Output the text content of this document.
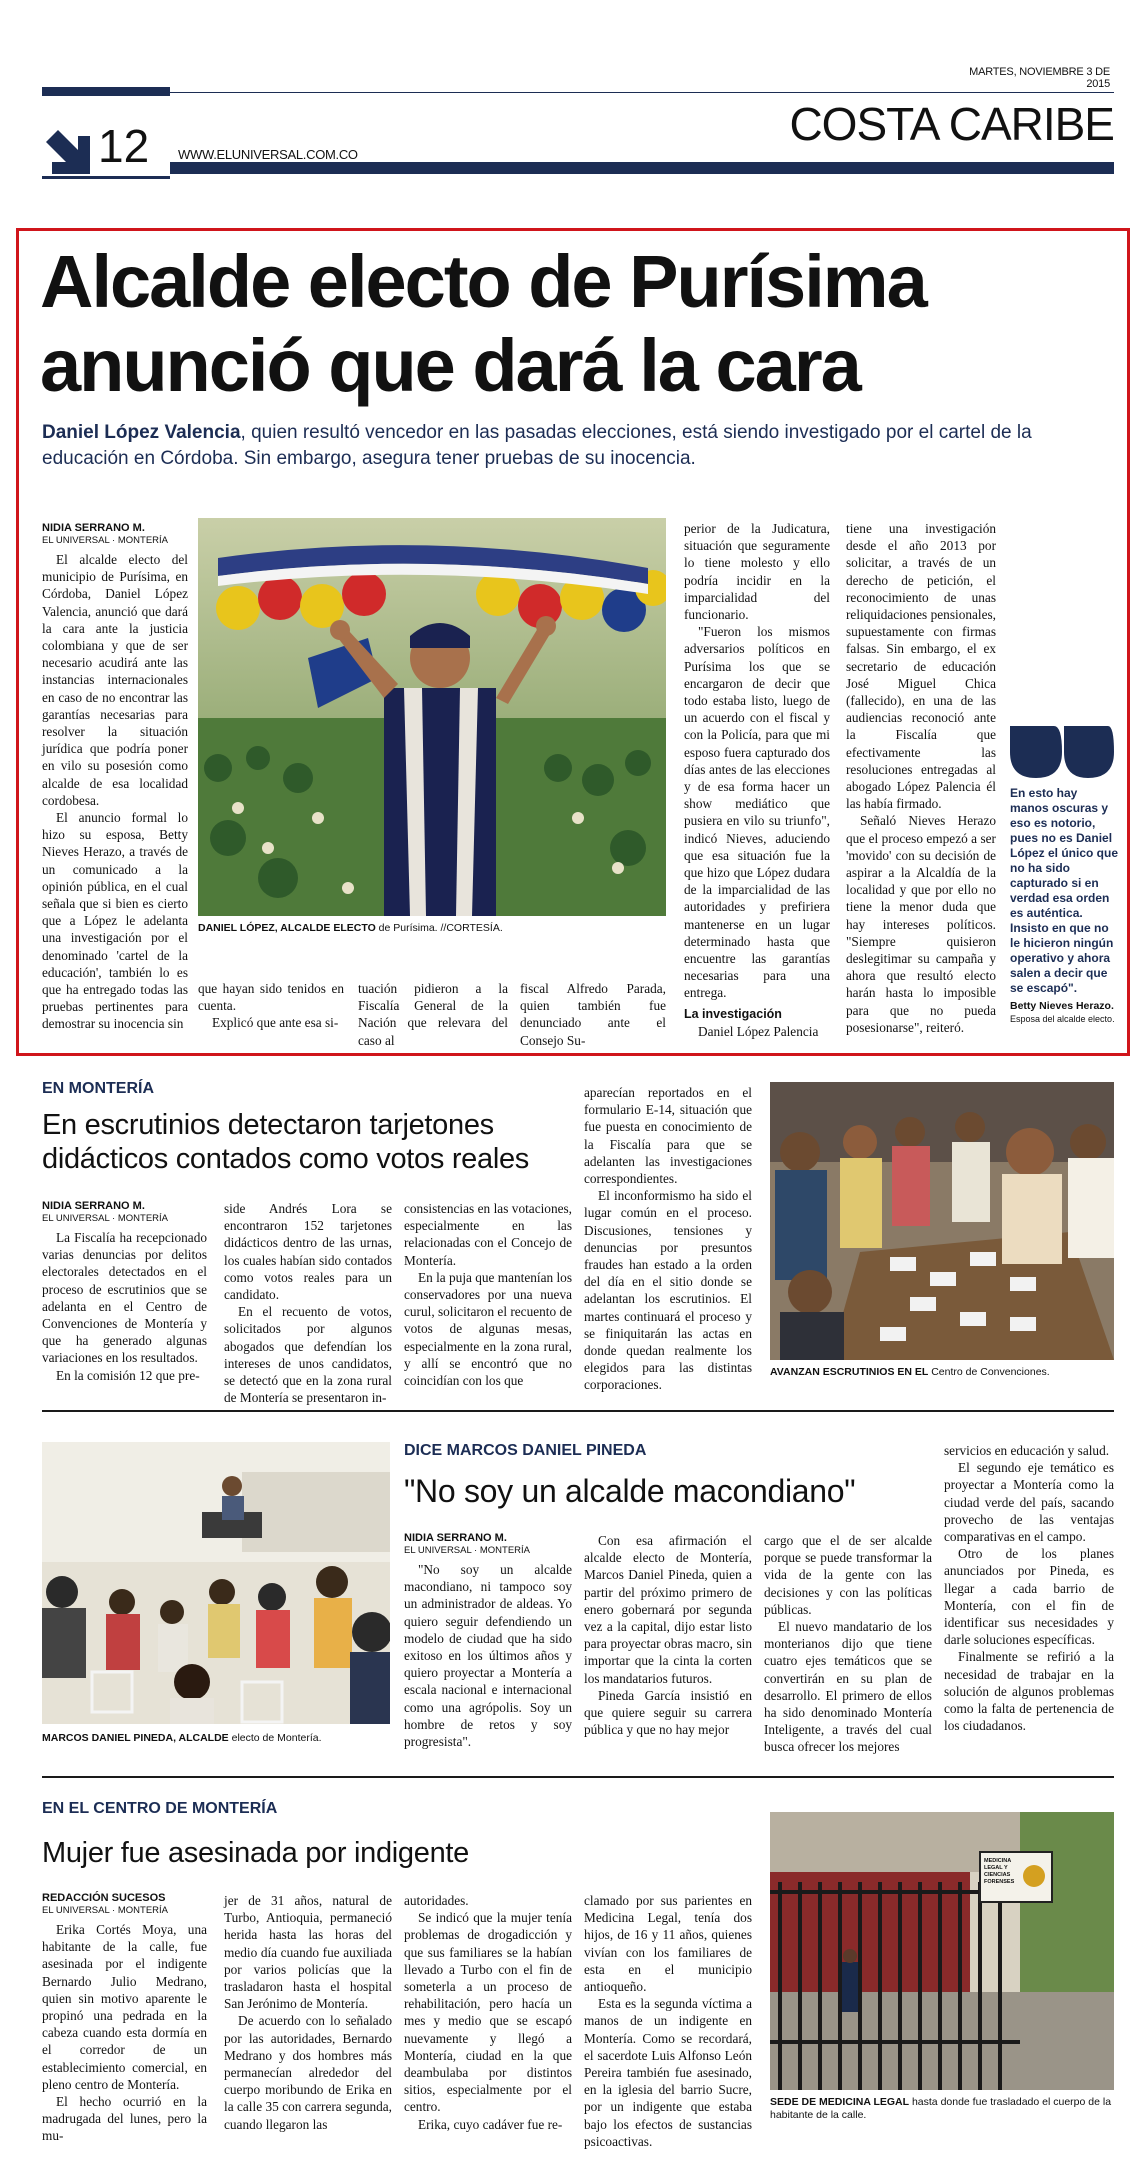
MARTES, NOVIEMBRE 3 DE 2015
12 WWW.ELUNIVERSAL.COM.CO
COSTA CARIBE
Alcalde electo de Purísima
anunció que dará la cara
Daniel López Valencia, quien resultó vencedor en las pasadas elecciones, está siendo investigado por el cartel de la educación en Córdoba. Sin embargo, asegura tener pruebas de su inocencia.
NIDIA SERRANO M.
EL UNIVERSAL · MONTERÍA

El alcalde electo del municipio de Purísima, en Córdoba, Daniel López Valencia, anunció que dará la cara ante la justicia colombiana y que de ser necesario acudirá ante las instancias internacionales en caso de no encontrar las garantías necesarias para resolver la situación jurídica que podría poner en vilo su posesión como alcalde de esa localidad cordobesa.

El anuncio formal lo hizo su esposa, Betty Nieves Herazo, a través de un comunicado a la opinión pública, en el cual señala que si bien es cierto que a López le adelanta una investigación por el denominado 'cartel de la educación', también lo es que ha entregado todas las pruebas pertinentes para demostrar su inocencia sin

DANIEL LÓPEZ, ALCALDE ELECTO de Purísima. //CORTESÍA.

que hayan sido tenidos en cuenta.

Explicó que ante esa si-

tuación pidieron a la Fiscalía General de la Nación que relevara del caso al

fiscal Alfredo Parada, quien también fue denunciado ante el Consejo Su-

perior de la Judicatura, situación que seguramente lo tiene molesto y ello podría incidir en la imparcialidad del funcionario.

"Fueron los mismos adversarios políticos en Purísima los que se encargaron de decir que todo estaba listo, luego de un acuerdo con el fiscal y con la Policía, para que mi esposo fuera capturado dos días antes de las elecciones y de esa forma hacer un show mediático que pusiera en vilo su triunfo", indicó Nieves, aduciendo que esa situación fue la que hizo que López dudara de la imparcialidad de las autoridades y prefiriera mantenerse en un lugar determinado hasta que encuentre las garantías necesarias para una entrega.

La investigación

Daniel López Palencia

tiene una investigación desde el año 2013 por solicitar, a través de un derecho de petición, el reconocimiento de unas reliquidaciones pensionales, supuestamente con firmas falsas. Sin embargo, el ex secretario de educación José Miguel Chica (fallecido), en una de las audiencias reconoció ante la Fiscalía que efectivamente las resoluciones entregadas al abogado López Palencia él las había firmado.

Señaló Nieves Herazo que el proceso empezó a ser 'movido' con su decisión de aspirar a la Alcaldía de la localidad y que por ello no tiene la menor duda que hay intereses políticos. "Siempre quisieron deslegitimar su campaña y ahora que resultó electo harán hasta lo imposible para que no pueda posesionarse", reiteró.

En esto hay manos oscuras y eso es notorio, pues no es Daniel López el único que no ha sido capturado si en verdad esa orden es auténtica. Insisto en que no le hicieron ningún operativo y ahora salen a decir que se escapó".
Betty Nieves Herazo.
Esposa del alcalde electo.
EN MONTERÍA
En escrutinios detectaron tarjetones
didácticos contados como votos reales
NIDIA SERRANO M.
EL UNIVERSAL · MONTERÍA

La Fiscalía ha recepcionado varias denuncias por delitos electorales detectados en el proceso de escrutinios que se adelanta en el Centro de Convenciones de Montería y que ha generado algunas variaciones en los resultados.

En la comisión 12 que pre-

side Andrés Lora se encontraron 152 tarjetones didácticos dentro de las urnas, los cuales habían sido contados como votos reales para un candidato.

En el recuento de votos, solicitados por algunos abogados que defendían los intereses de unos candidatos, se detectó que en la zona rural de Montería se presentaron in-

consistencias en las votaciones, especialmente en las relacionadas con el Concejo de Montería.

En la puja que mantenían los conservadores por una nueva curul, solicitaron el recuento de votos de algunas mesas, especialmente en la zona rural, y allí se encontró que no coincidían con los que

aparecían reportados en el formulario E-14, situación que fue puesta en conocimiento de la Fiscalía para que se adelanten las investigaciones correspondientes.

El inconformismo ha sido el lugar común en el proceso. Discusiones, tensiones y denuncias por presuntos fraudes han estado a la orden del día en el sitio donde se adelantan los escrutinios. El martes continuará el proceso y se finiquitarán las actas en donde quedan realmente los elegidos para las distintas corporaciones.

AVANZAN ESCRUTINIOS EN EL Centro de Convenciones.
MARCOS DANIEL PINEDA, ALCALDE electo de Montería.
DICE MARCOS DANIEL PINEDA
"No soy un alcalde macondiano"
NIDIA SERRANO M.
EL UNIVERSAL · MONTERÍA

"No soy un alcalde macondiano, ni tampoco soy un administrador de aldeas. Yo quiero seguir defendiendo un modelo de ciudad que ha sido exitoso en los últimos años y quiero proyectar a Montería a escala nacional e internacional como una agrópolis. Soy un hombre de retos y soy progresista".

Con esa afirmación el alcalde electo de Montería, Marcos Daniel Pineda, quien a partir del próximo primero de enero gobernará por segunda vez a la capital, dijo estar listo para proyectar obras macro, sin importar que la cinta la corten los mandatarios futuros.

Pineda García insistió en que quiere seguir su carrera pública y que no hay mejor

cargo que el de ser alcalde porque se puede transformar la vida de la gente con las decisiones y con las políticas públicas.

El nuevo mandatario de los monterianos dijo que tiene cuatro ejes temáticos que se convertirán en su plan de desarrollo. El primero de ellos ha sido denominado Montería Inteligente, a través del cual busca ofrecer los mejores

servicios en educación y salud.

El segundo eje temático es proyectar a Montería como la ciudad verde del país, sacando provecho de las ventajas comparativas en el campo.

Otro de los planes anunciados por Pineda, es llegar a cada barrio de Montería, con el fin de identificar sus necesidades y darle soluciones específicas.

Finalmente se refirió a la necesidad de trabajar en la solución de algunos problemas como la falta de pertenencia de los ciudadanos.

EN EL CENTRO DE MONTERÍA
Mujer fue asesinada por indigente
REDACCIÓN SUCESOS
EL UNIVERSAL · MONTERÍA

Erika Cortés Moya, una habitante de la calle, fue asesinada por el indigente Bernardo Julio Medrano, quien sin motivo aparente le propinó una pedrada en la cabeza cuando esta dormía en el corredor de un establecimiento comercial, en pleno centro de Montería.

El hecho ocurrió en la madrugada del lunes, pero la mu-

jer de 31 años, natural de Turbo, Antioquia, permaneció herida hasta las horas del medio día cuando fue auxiliada por varios policías que la trasladaron hasta el hospital San Jerónimo de Montería.

De acuerdo con lo señalado por las autoridades, Bernardo Medrano y dos hombres más permanecían alrededor del cuerpo moribundo de Erika en la calle 35 con carrera segunda, cuando llegaron las

autoridades.

Se indicó que la mujer tenía problemas de drogadicción y que sus familiares se la habían llevado a Turbo con el fin de someterla a un proceso de rehabilitación, pero hacía un mes y medio que se escapó nuevamente y llegó a Montería, ciudad en la que deambulaba por distintos sitios, especialmente por el centro.

Erika, cuyo cadáver fue re-

clamado por sus parientes en Medicina Legal, tenía dos hijos, de 16 y 11 años, quienes vivían con los familiares de esta en el municipio antioqueño.

Esta es la segunda víctima a manos de un indigente en Montería. Como se recordará, el sacerdote Luis Alfonso León Pereira también fue asesinado, en la iglesia del barrio Sucre, por un indigente que estaba bajo los efectos de sustancias psicoactivas.

MEDICINA LEGAL Y CIENCIAS FORENSES
SEDE DE MEDICINA LEGAL hasta donde fue trasladado el cuerpo de la habitante de la calle.
